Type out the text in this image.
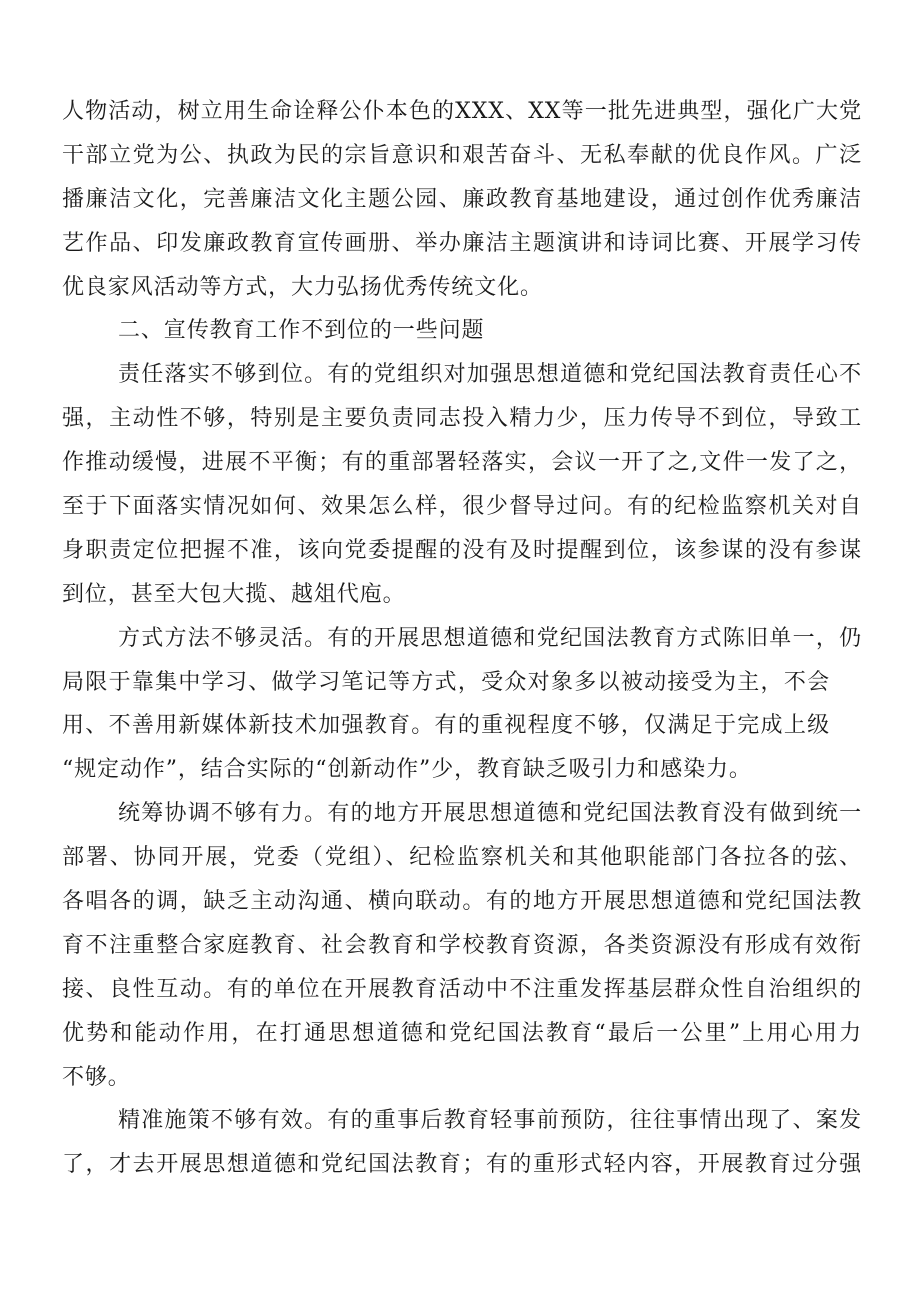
人物活动，树立用生命诠释公仆本色的XXX、XX等一批先进典型，强化广大党
干部立党为公、执政为民的宗旨意识和艰苦奋斗、无私奉献的优良作风。广泛
播廉洁文化，完善廉洁文化主题公园、廉政教育基地建设，通过创作优秀廉洁
艺作品、印发廉政教育宣传画册、举办廉洁主题演讲和诗词比赛、开展学习传
优良家风活动等方式，大力弘扬优秀传统文化。
二、宣传教育工作不到位的一些问题
责任落实不够到位。有的党组织对加强思想道德和党纪国法教育责任心不
强，主动性不够，特别是主要负责同志投入精力少，压力传导不到位，导致工
作推动缓慢，进展不平衡；有的重部署轻落实，会议一开了之,文件一发了之，
至于下面落实情况如何、效果怎么样，很少督导过问。有的纪检监察机关对自
身职责定位把握不准，该向党委提醒的没有及时提醒到位，该参谋的没有参谋
到位，甚至大包大揽、越俎代庖。
方式方法不够灵活。有的开展思想道德和党纪国法教育方式陈旧单一，仍
局限于靠集中学习、做学习笔记等方式，受众对象多以被动接受为主，不会
用、不善用新媒体新技术加强教育。有的重视程度不够，仅满足于完成上级
“规定动作”，结合实际的“创新动作”少，教育缺乏吸引力和感染力。
统筹协调不够有力。有的地方开展思想道德和党纪国法教育没有做到统一
部署、协同开展，党委（党组）、纪检监察机关和其他职能部门各拉各的弦、
各唱各的调，缺乏主动沟通、横向联动。有的地方开展思想道德和党纪国法教
育不注重整合家庭教育、社会教育和学校教育资源，各类资源没有形成有效衔
接、良性互动。有的单位在开展教育活动中不注重发挥基层群众性自治组织的
优势和能动作用，在打通思想道德和党纪国法教育“最后一公里”上用心用力
不够。
精准施策不够有效。有的重事后教育轻事前预防，往往事情出现了、案发
了，才去开展思想道德和党纪国法教育；有的重形式轻内容，开展教育过分强
